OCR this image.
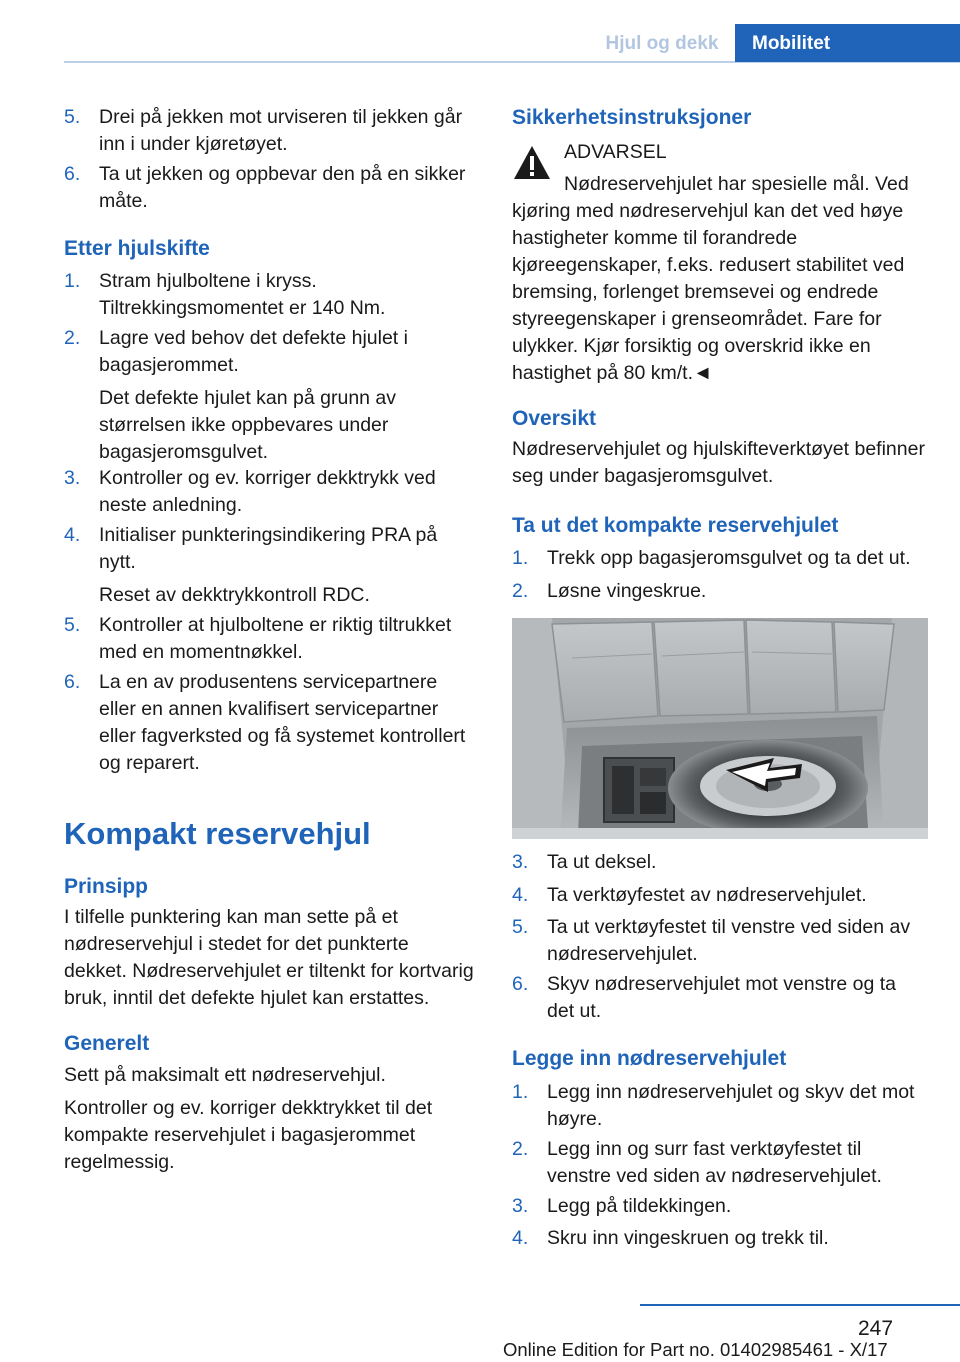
Hjul og dekk	Mobilitet
5. Drei på jekken mot urviseren til jekken går inn i under kjøretøyet.
6. Ta ut jekken og oppbevar den på en sikker måte.
Etter hjulskifte
1. Stram hjulboltene i kryss. Tiltrekkingsmomentet er 140 Nm.
2. Lagre ved behov det defekte hjulet i bagasjerommet.
Det defekte hjulet kan på grunn av størrelsen ikke oppbevares under bagasjeromsgulvet.
3. Kontroller og ev. korriger dekktrykk ved neste anledning.
4. Initialiser punkteringsindikering PRA på nytt.
Reset av dekktrykkontroll RDC.
5. Kontroller at hjulboltene er riktig tiltrukket med en momentnøkkel.
6. La en av produsentens servicepartnere eller en annen kvalifisert servicepartner eller fagverksted og få systemet kontrollert og reparert.
Kompakt reservehjul
Prinsipp
I tilfelle punktering kan man sette på et nødreservehjul i stedet for det punkterte dekket. Nødreservehjulet er tiltenkt for kortvarig bruk, inntil det defekte hjulet kan erstattes.
Generelt
Sett på maksimalt ett nødreservehjul.
Kontroller og ev. korriger dekktrykket til det kompakte reservehjulet i bagasjerommet regelmessig.
Sikkerhetsinstruksjoner
ADVARSEL
Nødreservehjulet har spesielle mål. Ved kjøring med nødreservehjul kan det ved høye hastigheter komme til forandrede kjøreegenskaper, f.eks. redusert stabilitet ved bremsing, forlenget bremsevei og endrede styreegenskaper i grenseområdet. Fare for ulykker. Kjør forsiktig og overskrid ikke en hastighet på 80 km/t.◄
Oversikt
Nødreservehjulet og hjulskifteverktøyet befinner seg under bagasjeromsgulvet.
Ta ut det kompakte reservehjulet
1. Trekk opp bagasjeromsgulvet og ta det ut.
2. Løsne vingeskrue.
3. Ta ut deksel.
4. Ta verktøyfestet av nødreservehjulet.
5. Ta ut verktøyfestet til venstre ved siden av nødreservehjulet.
6. Skyv nødreservehjulet mot venstre og ta det ut.
Legge inn nødreservehjulet
1. Legg inn nødreservehjulet og skyv det mot høyre.
2. Legg inn og surr fast verktøyfestet til venstre ved siden av nødreservehjulet.
3. Legg på tildekkingen.
4. Skru inn vingeskruen og trekk til.
247
Online Edition for Part no. 01402985461 - X/17
